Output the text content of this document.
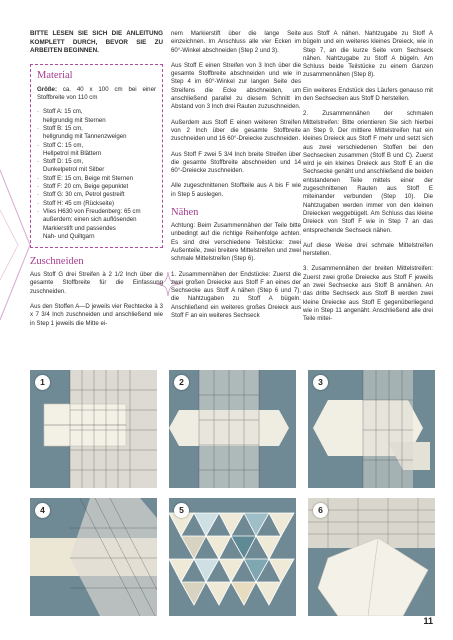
BITTE LESEN SIE SICH DIE ANLEITUNG KOMPLETT DURCH, BEVOR SIE ZU ARBEITEN BEGINNEN.
Material
Größe: ca. 40 x 100 cm bei einer Stoffbreite von 110 cm
· Stoff A: 15 cm,
hellgrundig mit Sternen
· Stoff B: 15 cm,
hellgrundig mit Tannenzweigen
· Stoff C: 15 cm,
Hellpetrol mit Blättern
· Stoff D: 15 cm,
Dunkelpetrol mit Silber
· Stoff E: 15 cm, Beige mit Sternen
· Stoff F: 20 cm, Beige gepunktet
· Stoff G: 30 cm, Petrol gestreift
· Stoff H: 45 cm (Rückseite)
· Vlies H630 von Freudenberg: 65 cm
außerdem: einen sich auflösenden
Markierstift und passendes
Nah- und Quiltgarn
Zuschneiden

Aus Stoff G drei Streifen à 2 1/2 Inch über die gesamte Stoffbreite für die Einfassung zuschneiden.

Aus den Stoffen A—D jeweils vier Rechtecke à 3 x 7 3/4 Inch zuschneiden und anschließend wie in Step 1 jeweils die Mitte ei-

nem Markierstift über die lange Seite einzeichnen. Im Anschluss alle vier Ecken im 60°-Winkel abschneiden (Step 2 und 3).

Aus Stoff E einen Streifen von 3 Inch über die gesamte Stoffbreite abschneiden und wie in Step 4 im 60°-Winkel zur langen Seite des Streifens die Ecke abschneiden, um anschließend parallel zu diesem Schnitt im Abstand von 3 Inch drei Rauten zuzuschneiden.

Außerdem aus Stoff E einen weiteren Streifen von 2 Inch über die gesamte Stoffbreite zuschneiden und 16 60°-Dreiecke zuschneiden.

Aus Stoff F zwei 5 3/4 Inch breite Streifen über die gesamte Stoffbreite abschneiden und 14 60°-Dreiecke zuschneiden.

Alle zugeschnittenen Stoffteile aus A bis F wie in Step 5 auslegen.

Nähen

Achtung: Beim Zusammennähen der Teile bitte unbedingt auf die richtige Reihenfolge achten. Es sind drei verschiedene Teilstücke: zwei Außenteile, zwei breitere Mittelstreifen und zwei schmale Mittelstreifen (Step 6).

1. Zusammennähen der Endstücke: Zuerst die zwei großen Dreiecke aus Stoff F an eines der Sechsecke aus Stoff A nähen (Step 6 und 7), die Nahtzugaben zu Stoff A bügeln. Anschließend ein weiteres großes Dreieck aus Stoff F an ein weiteres Sechseck

aus Stoff A nähen. Nahtzugabe zu Stoff A bügeln und ein weiteres kleines Dreieck, wie in Step 7, an die kurze Seite vom Sechseck nähen. Nahtzugabe zu Stoff A bügeln. Am Schluss beide Teilstücke zu einem Ganzen zusammennähen (Step 8).

Ein weiteres Endstück des Läufers genauso mit den Sechsecken aus Stoff D herstellen.

2. Zusammennähen der schmalen Mittelstreifen: Bitte orientieren Sie sich hierbei an Step 9. Der mittlere Mittelstreifen hat ein kleines Dreieck aus Stoff F mehr und setzt sich aus zwei verschiedenen Stoffen bei den Sechsecken zusammen (Stoff B und C). Zuerst wird je ein kleines Dreieck aus Stoff E an die Sechsecke genäht und anschließend die beiden entstandenen Teile mittels einer der zugeschnittenen Rauten aus Stoff E miteinander verbunden (Step 10). Die Nahtzugaben werden immer von den kleinen Dreiecken weggebügelt. Am Schluss das kleine Dreieck von Stoff F wie in Step 7 an das entsprechende Sechseck nähen.

Auf diese Weise drei schmale Mittelstreifen herstellen.

3. Zusammennähen der breiten Mittelstreifen: Zuerst zwei große Dreiecke aus Stoff F jeweils an zwei Sechsecke aus Stoff B annähen. An das dritte Sechseck aus Stoff B werden zwei kleine Dreiecke aus Stoff E gegenüberliegend wie in Step 11 angenäht. Anschließend alle drei Teile mitei-

1	2	3
4	5	6
11
